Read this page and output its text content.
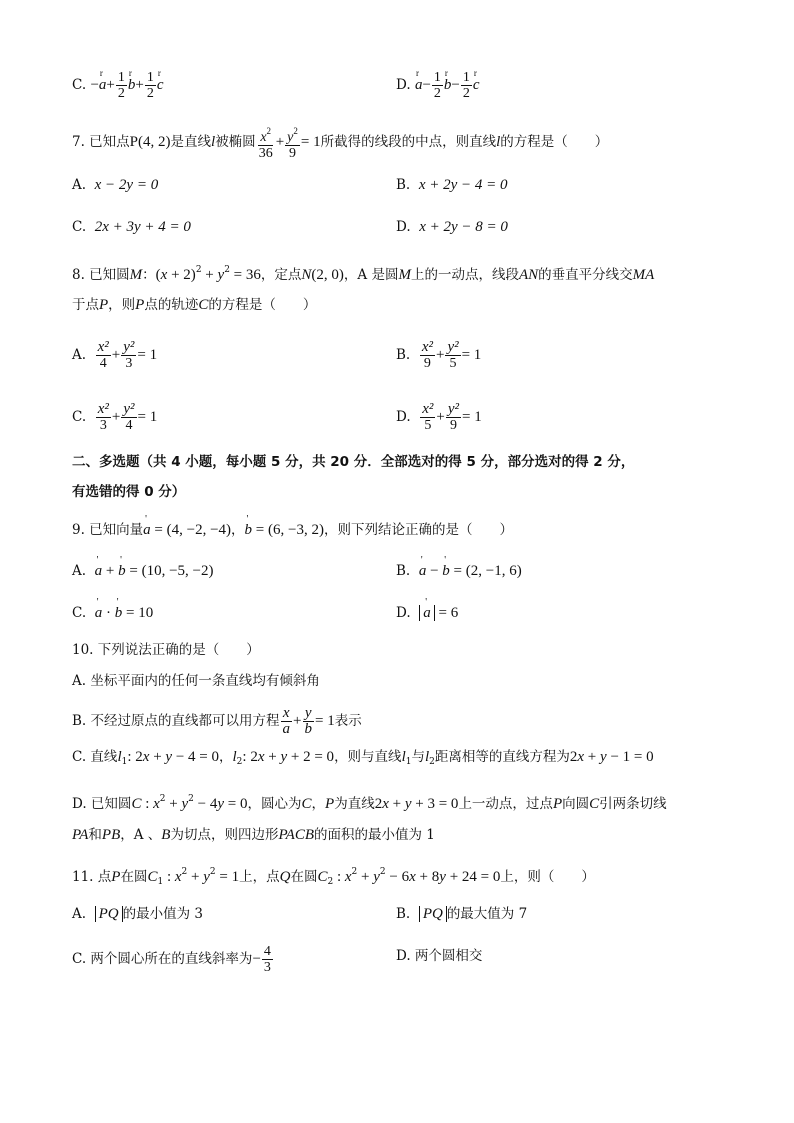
C. −r $a+ \frac{1}{2}$ r $b+ \frac{1}{2}$ r c	D. r $a- \frac{1}{2}$ r $b- \frac{1}{2}$ r c
7. 已知点P(4, 2)是直线l被椭圆 $\frac{x^2}{36} + \frac{y^2}{9} = 1$所截得的线段的中点，则直线l的方程是（　　）
A. x − 2y = 0	B. x + 2y − 4 = 0
C. 2x + 3y + 4 = 0	D. x + 2y − 8 = 0
8. 已知圆M：$(x + 2)^2 + y^2 = 36$，定点N(2, 0)，A 是圆M上的一动点，线段AN的垂直平分线交MA
于点P，则P点的轨迹C的方程是（　　）
A. $\frac{\text{x²}}{4} + \frac{\text{y²}}{3} = 1$	B. $\frac{\text{x²}}{9} + \frac{\text{y²}}{5} = 1$
C. $\frac{\text{x²}}{3} + \frac{\text{y²}}{4} = 1$	D. $\frac{\text{x²}}{5} + \frac{\text{y²}}{9} = 1$
二、多选题（共 4 小题，每小题 5 分，共 20 分．全部选对的得 5 分，部分选对的得 2 分，
有选错的得 0 分）
9. 已知向量' a = (4, −2, −4)，' b = (6, −3, 2)，则下列结论正确的是（　　）
A. ' a + ' b = (10, −5, −2)	B. ' a − ' b = (2, −1, 6)
C. ' a · ' b = 10	D. ' a = 6
10. 下列说法正确的是（　　）
A. 坐标平面内的任何一条直线均有倾斜角
B. 不经过原点的直线都可以用方程 $\frac{x}{a} + \frac{y}{b} = 1$表示
C. 直线$l_1$: 2x + y − 4 = 0，$l_2$: 2x + y + 2 = 0，则与直线$l_1$与$l_2$距离相等的直线方程为2x + y − 1 = 0
D. 已知圆C : $x^2 + y^2 - 4y = 0$，圆心为C，P为直线2x + y + 3 = 0上一动点，过点P向圆C引两条切线
PA和PB，A 、B为切点，则四边形PACB的面积的最小值为 1
11. 点P在圆$C_1$ : $x^2 + y^2 = 1$上，点Q在圆$C_2$ : $x^2 + y^2 - 6x + 8y + 24 = 0$上，则（　　）
A. PQ 的最小值为 3	B. PQ 的最大值为 7
C. 两个圆心所在的直线斜率为− $\frac{4}{3}$	D. 两个圆相交
